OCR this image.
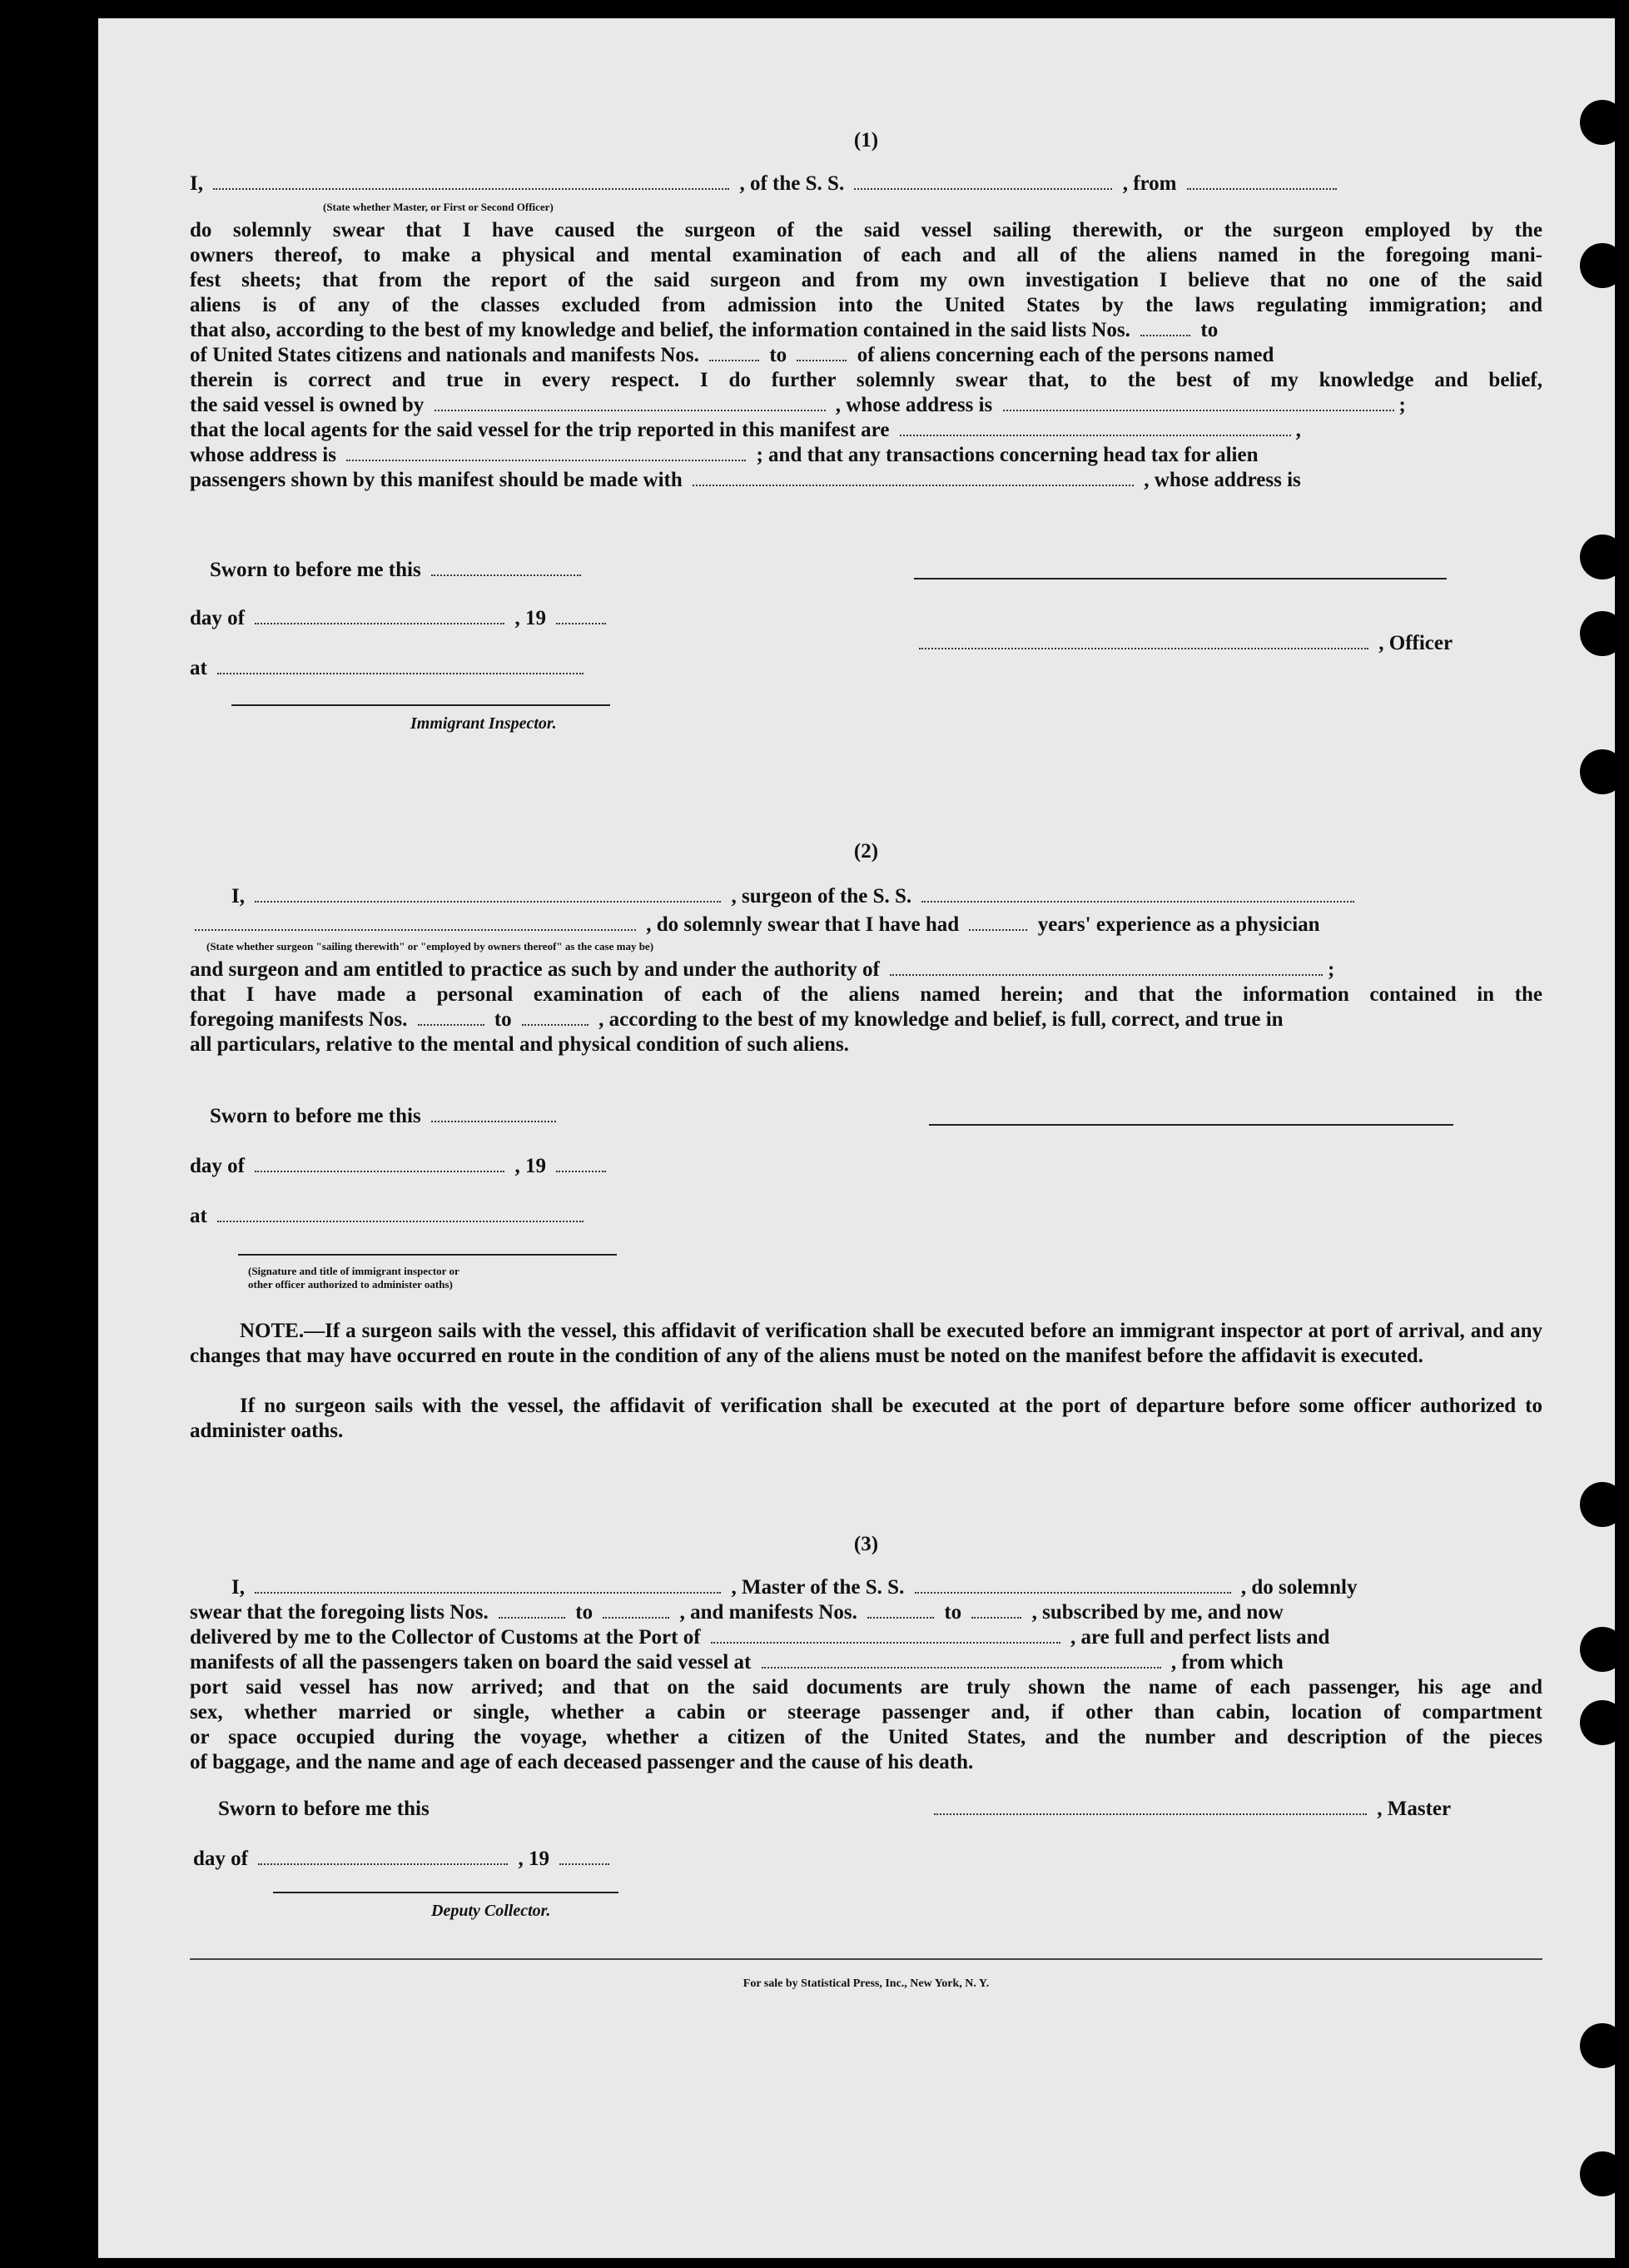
(1)
I,	, of the S. S.	, from
(State whether Master, or First or Second Officer)
do solemnly swear that I have caused the surgeon of the said vessel sailing therewith, or the surgeon employed by the
owners thereof, to make a physical and mental examination of each and all of the aliens named in the foregoing mani-
fest sheets; that from the report of the said surgeon and from my own investigation I believe that no one of the said
aliens is of any of the classes excluded from admission into the United States by the laws regulating immigration; and
that also, according to the best of my knowledge and belief, the information contained in the said lists Nos.	to
of United States citizens and nationals and manifests Nos.	to	of aliens concerning each of the persons named
therein is correct and true in every respect. I do further solemnly swear that, to the best of my knowledge and belief,
the said vessel is owned by	, whose address is	;
that the local agents for the said vessel for the trip reported in this manifest are	,
whose address is	; and that any transactions concerning head tax for alien
passengers shown by this manifest should be made with	, whose address is
Sworn to before me this
day of	, 19
, Officer
at
Immigrant Inspector.
(2)
I,	, surgeon of the S. S.
, do solemnly swear that I have had	years' experience as a physician
(State whether surgeon "sailing therewith" or "employed by owners thereof" as the case may be)
and surgeon and am entitled to practice as such by and under the authority of	;
that I have made a personal examination of each of the aliens named herein; and that the information contained in the
foregoing manifests Nos.	to	, according to the best of my knowledge and belief, is full, correct, and true in
all particulars, relative to the mental and physical condition of such aliens.
Sworn to before me this
day of	, 19
at
(Signature and title of immigrant inspector or
other officer authorized to administer oaths)
NOTE.—If a surgeon sails with the vessel, this affidavit of verification shall be executed before an immigrant inspector at port of arrival, and any changes that may have occurred en route in the condition of any of the aliens must be noted on the manifest before the affidavit is executed.
If no surgeon sails with the vessel, the affidavit of verification shall be executed at the port of departure before some officer authorized to administer oaths.
(3)
I,	, Master of the S. S.	, do solemnly
swear that the foregoing lists Nos.	to	, and manifests Nos.	to	, subscribed by me, and now
delivered by me to the Collector of Customs at the Port of	, are full and perfect lists and
manifests of all the passengers taken on board the said vessel at	, from which
port said vessel has now arrived; and that on the said documents are truly shown the name of each passenger, his age and
sex, whether married or single, whether a cabin or steerage passenger and, if other than cabin, location of compartment
or space occupied during the voyage, whether a citizen of the United States, and the number and description of the pieces
of baggage, and the name and age of each deceased passenger and the cause of his death.
Sworn to before me this	, Master
day of	, 19
Deputy Collector.
For sale by Statistical Press, Inc., New York, N. Y.
